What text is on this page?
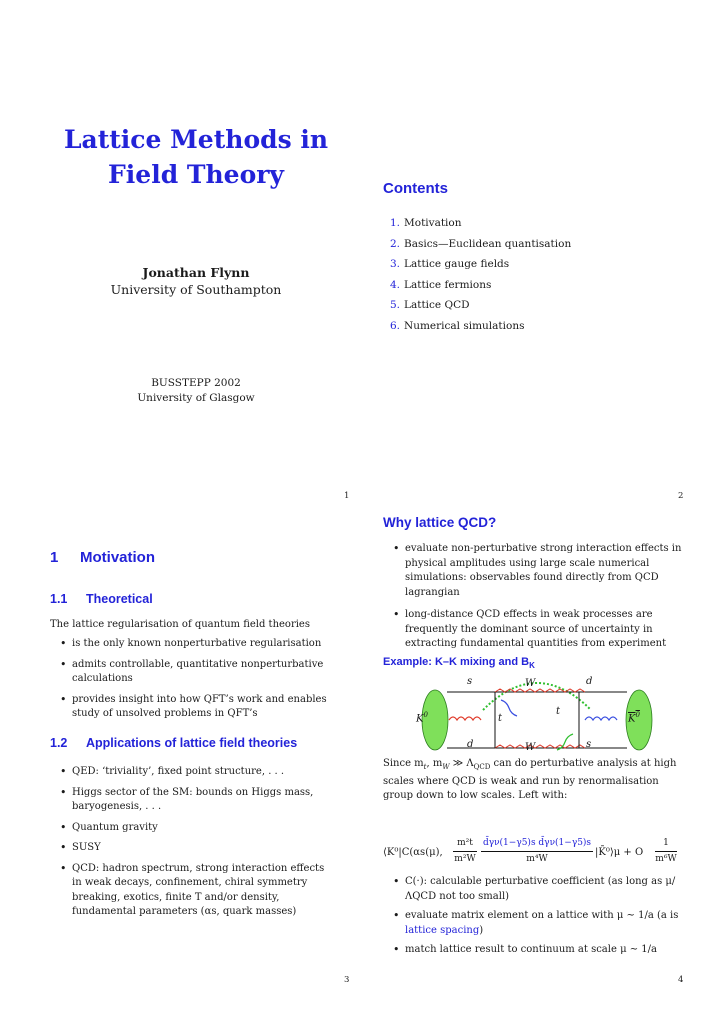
Lattice Methods in
Field Theory
Jonathan Flynn
University of Southampton
BUSSTEPP 2002
University of Glasgow
1
Contents
1. Motivation
2. Basics—Euclidean quantisation
3. Lattice gauge fields
4. Lattice fermions
5. Lattice QCD
6. Numerical simulations
2
1 Motivation
1.1 Theoretical
The lattice regularisation of quantum field theories
• is the only known nonperturbative regularisation
• admits controllable, quantitative nonperturbative calculations
• provides insight into how QFT’s work and enables study of unsolved problems in QFT’s
1.2 Applications of lattice field theories
• QED: ‘triviality’, fixed point structure, . . .
• Higgs sector of the SM: bounds on Higgs mass, baryogenesis, . . .
• Quantum gravity
• SUSY
• QCD: hadron spectrum, strong interaction effects in weak decays, confinement, chiral symmetry breaking, exotics, finite T and/or density, fundamental parameters (αs, quark masses)
3
Why lattice QCD?
• evaluate non-perturbative strong interaction effects in physical amplitudes using large scale numerical simulations: observables found directly from QCD lagrangian
• long-distance QCD effects in weak processes are frequently the dominant source of uncertainty in extracting fundamental quantities from experiment
Example: K–K mixing and $B_K$
s	W	d
$K^0$	t
t
$K^0$
d	W	s
Since $m_t$, $m_W$ ≫ $\Lambda_{QCD}$ can do perturbative analysis at high scales where QCD is weak and run by renormalisation group down to low scales. Left with:
⟨K⁰|C(αs(μ), $\frac{\text{m²t}}{\text{m²W}} \frac{\text{d̄γν(1−γ5)s d̄γν(1−γ5)s}}{\text{m⁴W}}$ |K̄⁰⟩μ + O $\frac{1}{\text{m⁶W}}$
• C(·): calculable perturbative coefficient (as long as μ/ΛQCD not too small)
• evaluate matrix element on a lattice with μ ∼ 1/a (a is lattice spacing)
• match lattice result to continuum at scale μ ∼ 1/a
4
